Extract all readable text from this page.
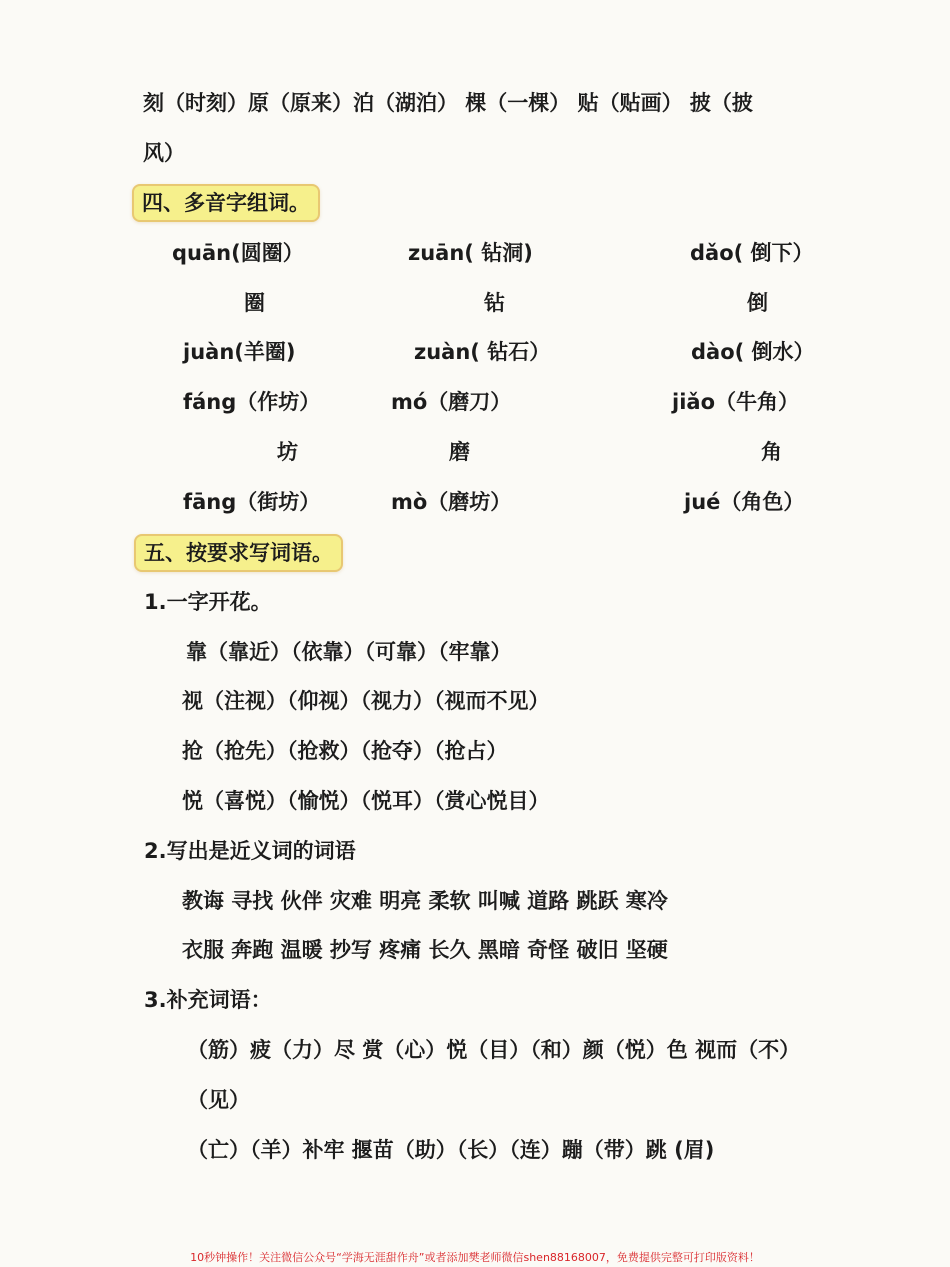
刻（时刻）原（原来）泊（湖泊） 棵（一棵） 贴（贴画） 披（披
风）
四、多音字组词。
quān(圆圈）	zuān( 钻洞)	dǎo( 倒下）
圈	钻	倒
juàn(羊圈)	zuàn( 钻石）	dào( 倒水）
fáng（作坊）	mó（磨刀）	jiǎo（牛角）
坊	磨	角
fāng（街坊）	mò（磨坊）	jué（角色）
五、按要求写词语。
1.一字开花。
靠（靠近）（依靠）（可靠）（牢靠）
视（注视）（仰视）（视力）（视而不见）
抢（抢先）（抢救）（抢夺）（抢占）
悦（喜悦）（愉悦）（悦耳）（赏心悦目）
2.写出是近义词的词语
教诲 寻找 伙伴 灾难 明亮 柔软 叫喊 道路 跳跃 寒冷
衣服 奔跑 温暖 抄写 疼痛 长久 黑暗 奇怪 破旧 坚硬
3.补充词语：
（筋）疲（力）尽 赏（心）悦（目）（和）颜（悦）色 视而（不）
（见）
（亡）（羊）补牢 揠苗（助）（长）（连）蹦（带）跳 (眉)
10秒钟操作！关注微信公众号“学海无涯甜作舟”或者添加樊老师微信shen88168007，免费提供完整可打印版资料！
